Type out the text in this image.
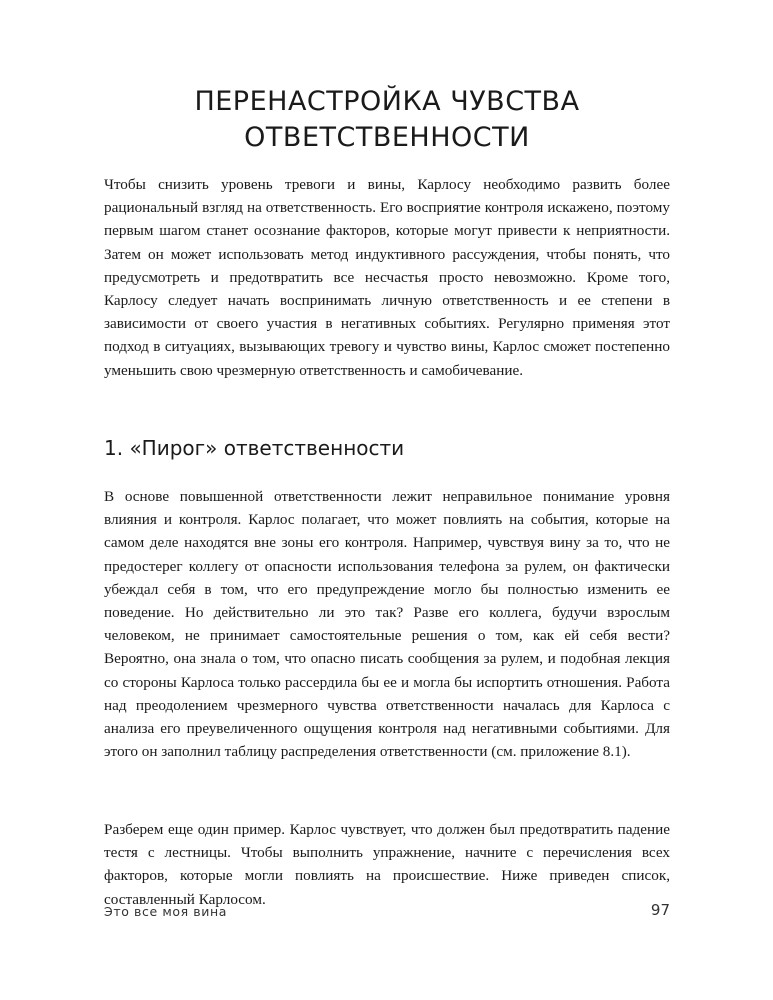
ПЕРЕНАСТРОЙКА ЧУВСТВА
ОТВЕТСТВЕННОСТИ

Чтобы снизить уровень тревоги и вины, Карлосу необходимо развить более рациональный взгляд на ответственность. Его восприятие контроля искажено, поэтому первым шагом станет осознание факторов, которые могут привести к неприятности. Затем он может использовать метод индуктивного рассуждения, чтобы понять, что предусмотреть и предотвратить все несчастья просто невозможно. Кроме того, Карлосу следует начать воспринимать личную ответственность и ее степени в зависимости от своего участия в негативных событиях. Регулярно применяя этот подход в ситуациях, вызывающих тревогу и чувство вины, Карлос сможет постепенно уменьшить свою чрезмерную ответственность и самобичевание.

1. «Пирог» ответственности

В основе повышенной ответственности лежит неправильное понимание уровня влияния и контроля. Карлос полагает, что может повлиять на события, которые на самом деле находятся вне зоны его контроля. Например, чувствуя вину за то, что не предостерег коллегу от опасности использования телефона за рулем, он фактически убеждал себя в том, что его предупреждение могло бы полностью изменить ее поведение. Но действительно ли это так? Разве его коллега, будучи взрослым человеком, не принимает самостоятельные решения о том, как ей себя вести? Вероятно, она знала о том, что опасно писать сообщения за рулем, и подобная лекция со стороны Карлоса только рассердила бы ее и могла бы испортить отношения. Работа над преодолением чрезмерного чувства ответственности началась для Карлоса с анализа его преувеличенного ощущения контроля над негативными событиями. Для этого он заполнил таблицу распределения ответственности (см. приложение 8.1).

Разберем еще один пример. Карлос чувствует, что должен был предотвратить падение тестя с лестницы. Чтобы выполнить упражнение, начните с перечисления всех факторов, которые могли повлиять на происшествие. Ниже приведен список, составленный Карлосом.

Это все моя вина	97
